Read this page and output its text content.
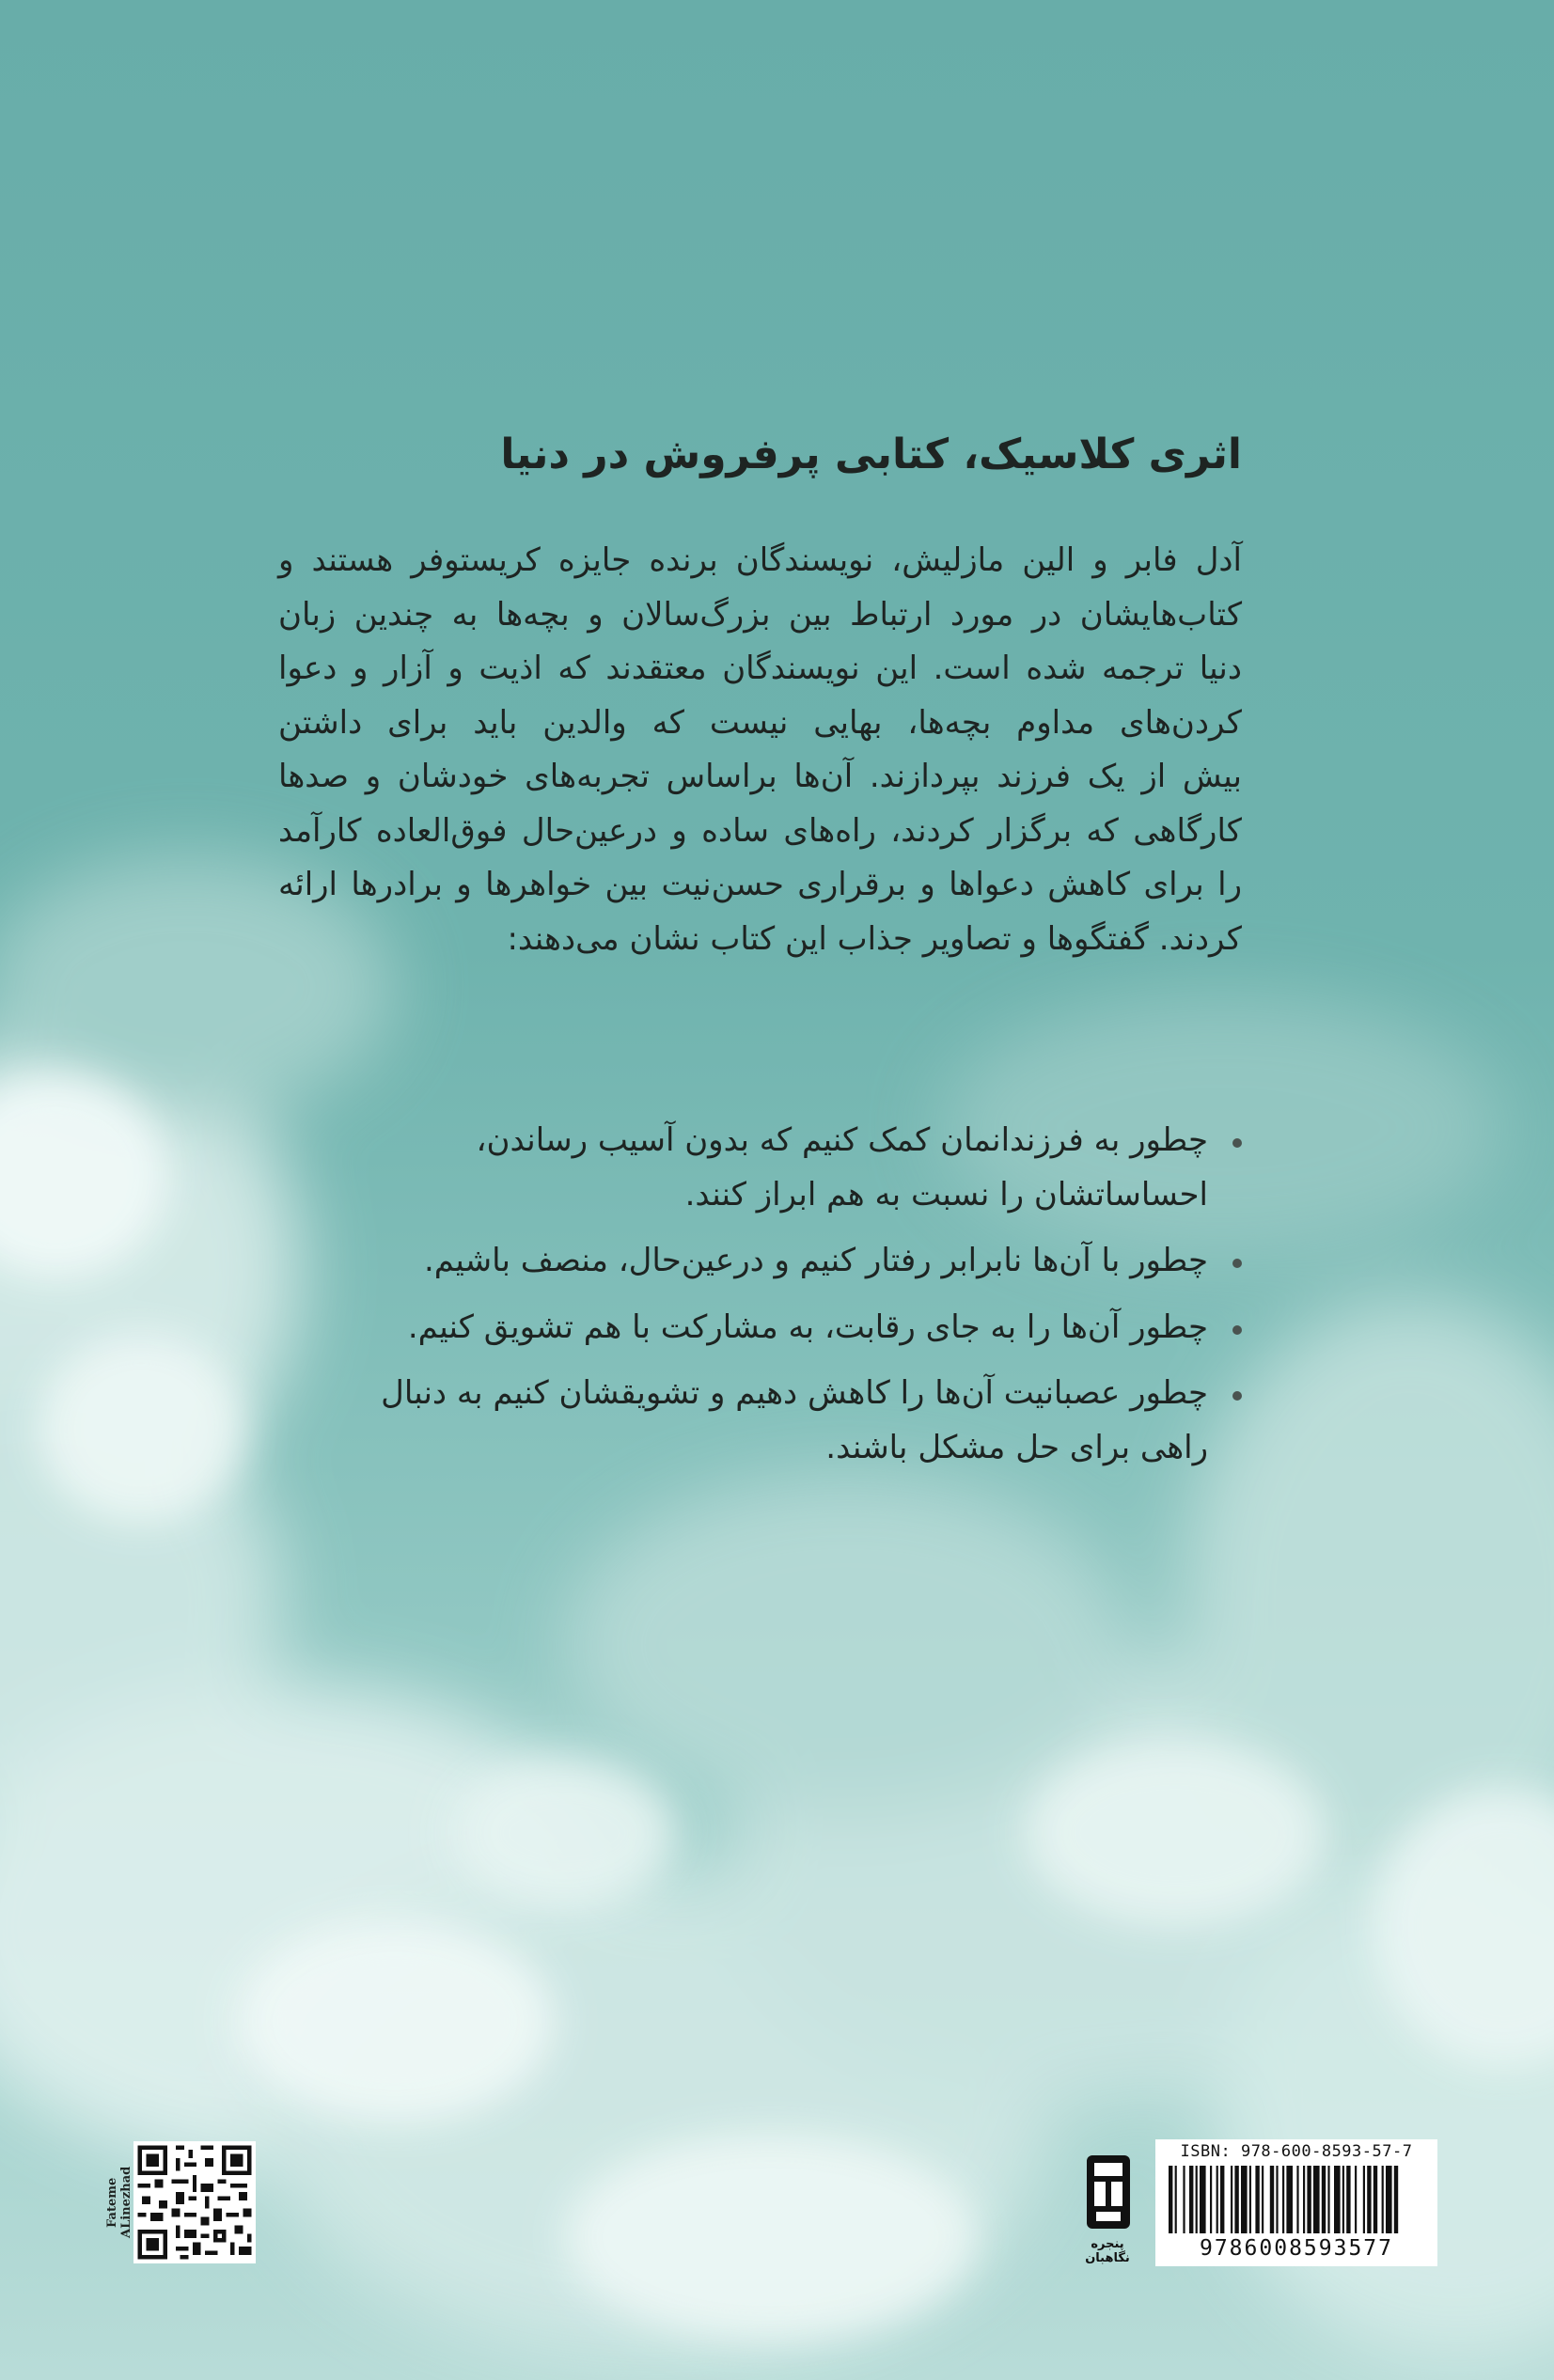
اثری کلاسیک، کتابی پرفروش در دنیا

آدل فابر و الین مازلیش، نویسندگان برنده جایزه کریستوفر هستند و
کتاب‌هایشان در مورد ارتباط بین بزرگ‌سالان و بچه‌ها به چندین زبان
دنیا ترجمه شده است. این نویسندگان معتقدند که اذیت و آزار و دعوا
کردن‌های مداوم بچه‌ها، بهایی نیست که والدین باید برای داشتن
بیش از یک فرزند بپردازند. آن‌ها براساس تجربه‌های خودشان و صدها
کارگاهی که برگزار کردند، راه‌های ساده و درعین‌حال فوق‌العاده کارآمد
را برای کاهش دعواها و برقراری حسن‌نیت بین خواهرها و برادرها ارائه
کردند. گفتگوها و تصاویر جذاب این کتاب نشان می‌دهند:

چطور به فرزندانمان کمک کنیم که بدون آسیب رساندن،
احساساتشان را نسبت به هم ابراز کنند.
چطور با آن‌ها نابرابر رفتار کنیم و درعین‌حال، منصف باشیم.
چطور آن‌ها را به جای رقابت، به مشارکت با هم تشویق کنیم.
چطور عصبانیت آن‌ها را کاهش دهیم و تشویقشان کنیم به دنبال
راهی برای حل مشکل باشند.
Fateme ALinezhad
پنجره نگاهبان
ISBN: 978-600-8593-57-7
9786008593577
